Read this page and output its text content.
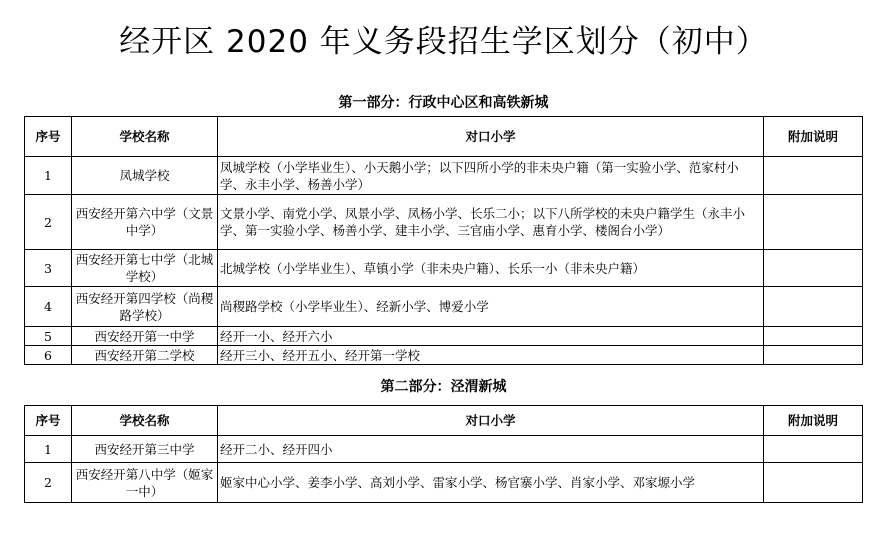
经开区 2020 年义务段招生学区划分（初中）
第一部分：行政中心区和高铁新城
序号	学校名称	对口小学	附加说明
1	凤城学校	凤城学校（小学毕业生）、小天鹅小学；以下四所小学的非未央户籍（第一实验小学、范家村小学、永丰小学、杨善小学）	
2	西安经开第六中学（文景中学）	文景小学、南党小学、凤景小学、凤杨小学、长乐二小；以下八所学校的未央户籍学生（永丰小学、第一实验小学、杨善小学、建丰小学、三官庙小学、惠育小学、楼阁台小学）	
3	西安经开第七中学（北城学校）	北城学校（小学毕业生）、草镇小学（非未央户籍）、长乐一小（非未央户籍）	
4	西安经开第四学校（尚稷路学校）	尚稷路学校（小学毕业生）、经新小学、博爱小学	
5	西安经开第一中学	经开一小、经开六小	
6	西安经开第二学校	经开三小、经开五小、经开第一学校	
第二部分：泾渭新城
序号	学校名称	对口小学	附加说明
1	西安经开第三中学	经开二小、经开四小	
2	西安经开第八中学（姬家一中）	姬家中心小学、姜李小学、高刘小学、雷家小学、杨官寨小学、肖家小学、邓家塬小学	
